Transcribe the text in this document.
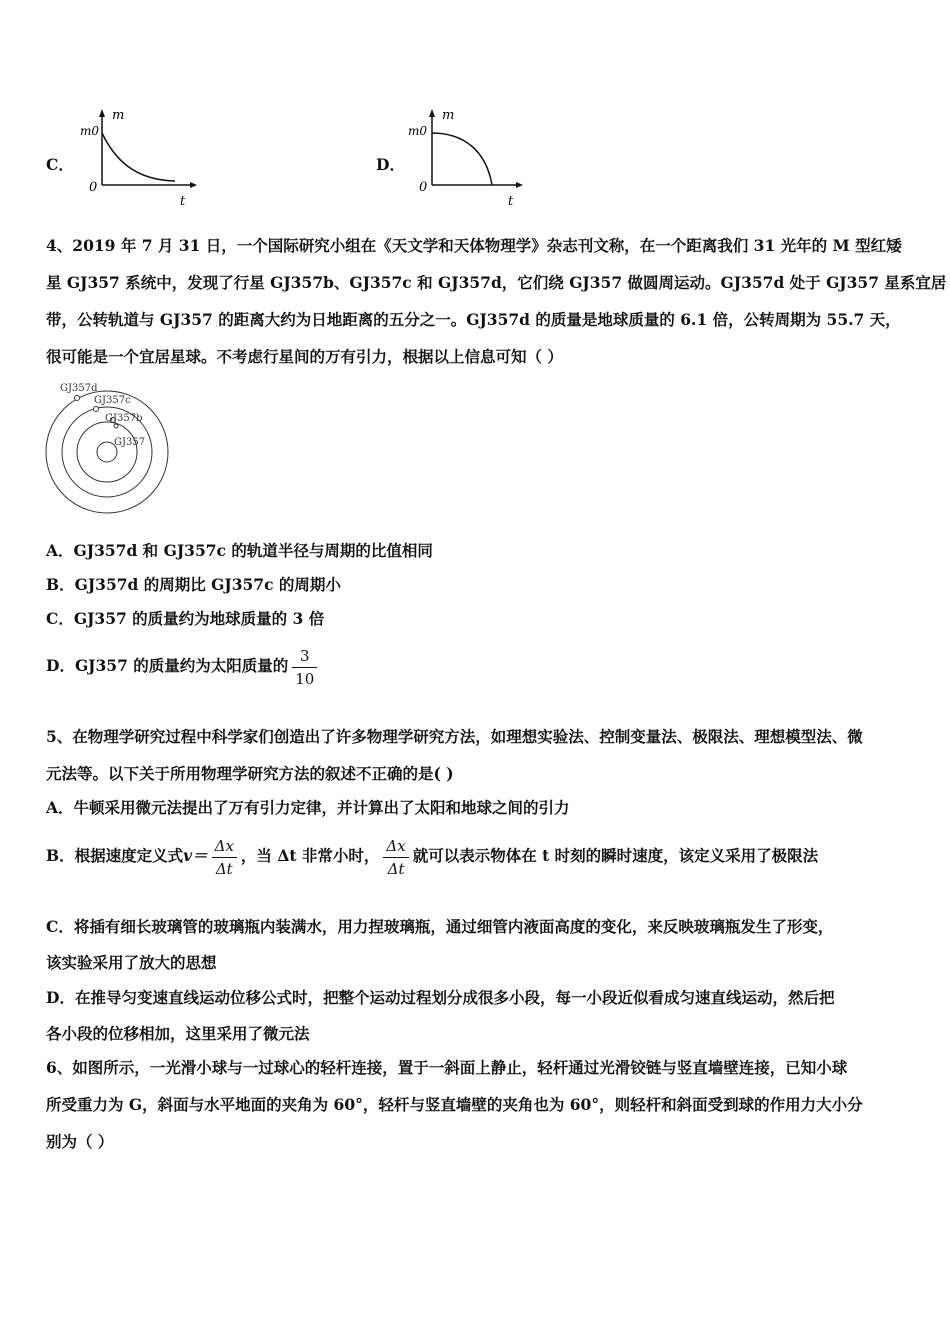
C．
m
t
m0
0
D．
m
t
m0
0
4、2019 年 7 月 31 日，一个国际研究小组在《天文学和天体物理学》杂志刊文称，在一个距离我们 31 光年的 M 型红矮
星 GJ357 系统中，发现了行星 GJ357b、GJ357c 和 GJ357d，它们绕 GJ357 做圆周运动。GJ357d 处于 GJ357 星系宜居
带，公转轨道与 GJ357 的距离大约为日地距离的五分之一。GJ357d 的质量是地球质量的 6.1 倍，公转周期为 55.7 天，
很可能是一个宜居星球。不考虑行星间的万有引力，根据以上信息可知（ ）
GJ357d
GJ357c
GJ357b
GJ357
A．GJ357d 和 GJ357c 的轨道半径与周期的比值相同
B．GJ357d 的周期比 GJ357c 的周期小
C．GJ357 的质量约为地球质量的 3 倍
D．GJ357 的质量约为太阳质量的 $\frac{3}{10}$
5、在物理学研究过程中科学家们创造出了许多物理学研究方法，如理想实验法、控制变量法、极限法、理想模型法、微
元法等。以下关于所用物理学研究方法的叙述不正确的是( )
A．牛顿采用微元法提出了万有引力定律，并计算出了太阳和地球之间的引力
B．根据速度定义式$v= \frac{\Delta x}{\Delta t}$ ，当 Δt 非常小时， $\frac{\Delta x}{\Delta t}$ 就可以表示物体在 t 时刻的瞬时速度，该定义采用了极限法
C．将插有细长玻璃管的玻璃瓶内装满水，用力捏玻璃瓶，通过细管内液面高度的变化，来反映玻璃瓶发生了形变，
该实验采用了放大的思想
D．在推导匀变速直线运动位移公式时，把整个运动过程划分成很多小段，每一小段近似看成匀速直线运动，然后把
各小段的位移相加，这里采用了微元法
6、如图所示，一光滑小球与一过球心的轻杆连接，置于一斜面上静止，轻杆通过光滑铰链与竖直墙壁连接，已知小球
所受重力为 G，斜面与水平地面的夹角为 60°，轻杆与竖直墙壁的夹角也为 60°，则轻杆和斜面受到球的作用力大小分
别为（ ）
